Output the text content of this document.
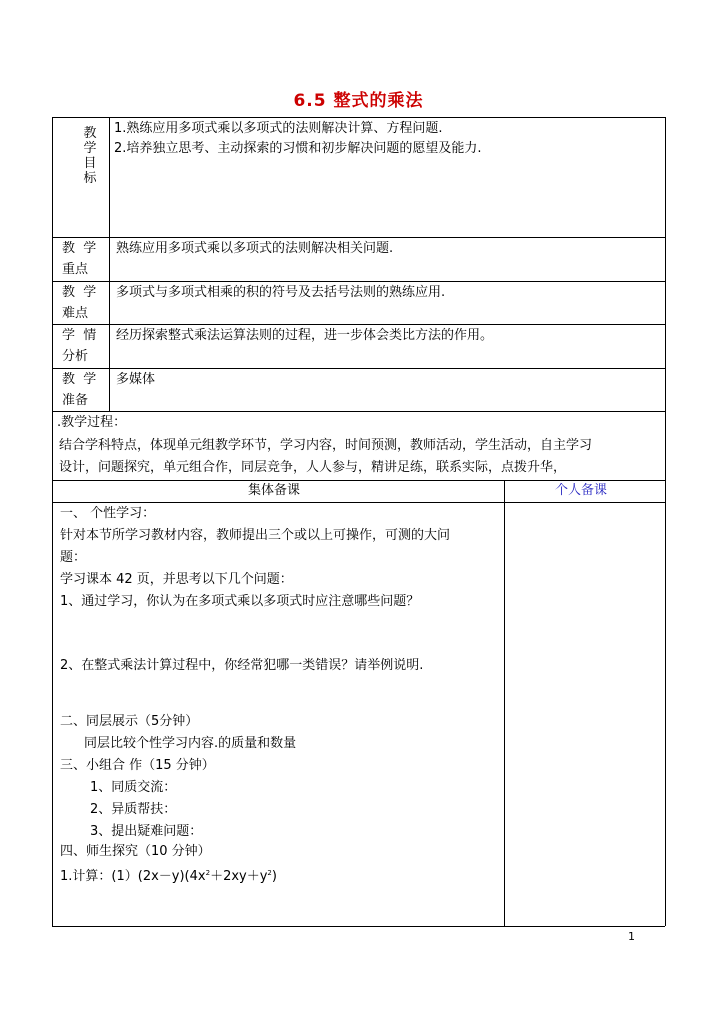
6.5 整式的乘法
教学目标
1.熟练应用多项式乘以多项式的法则解决计算、方程问题.
2.培养独立思考、主动探索的习惯和初步解决问题的愿望及能力.
教  学
重点
熟练应用多项式乘以多项式的法则解决相关问题.
教  学
难点
多项式与多项式相乘的积的符号及去括号法则的熟练应用.
学  情
分析
经历探索整式乘法运算法则的过程，进一步体会类比方法的作用。
教  学
准备
多媒体
.教学过程：
结合学科特点，体现单元组教学环节，学习内容，时间预测，教师活动，学生活动，自主学习
设计，问题探究，单元组合作，同层竞争，人人参与，精讲足练，联系实际，点拨升华，
集体备课	个人备课
一、 个性学习：
针对本节所学习教材内容，教师提出三个或以上可操作，可测的大问
题：
学习课本 42 页，并思考以下几个问题：
1、通过学习，你认为在多项式乘以多项式时应注意哪些问题？
2、在整式乘法计算过程中，你经常犯哪一类错误？请举例说明.
二、同层展示（5分钟）
同层比较个性学习内容.的质量和数量
三、小组合 作（15 分钟）
1、同质交流：
2、异质帮扶：
3、提出疑难问题：
四、师生探究（10 分钟）
1.计算：$(1)(2x-y)(4x^2+2xy+y^2)$
1
